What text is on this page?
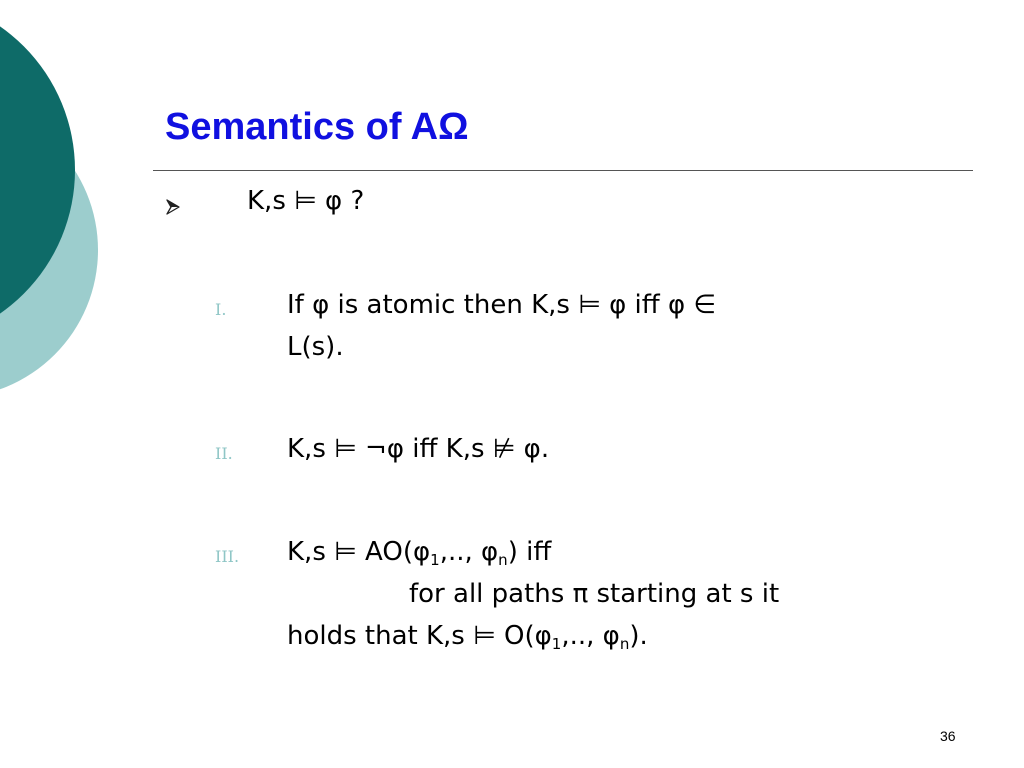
Semantics of AΩ
K,s ⊨ φ ?
I. If φ is atomic then K,s ⊨ φ iff φ ∈
L(s).
II. K,s ⊨ ¬φ iff K,s ⊭ φ.
III. K,s ⊨ $AO(\varphi_1$,.., $\varphi_n$) iff
for all paths π starting at s it
holds that K,s ⊨ $O(\varphi_1$,.., $\varphi_n$).
36
